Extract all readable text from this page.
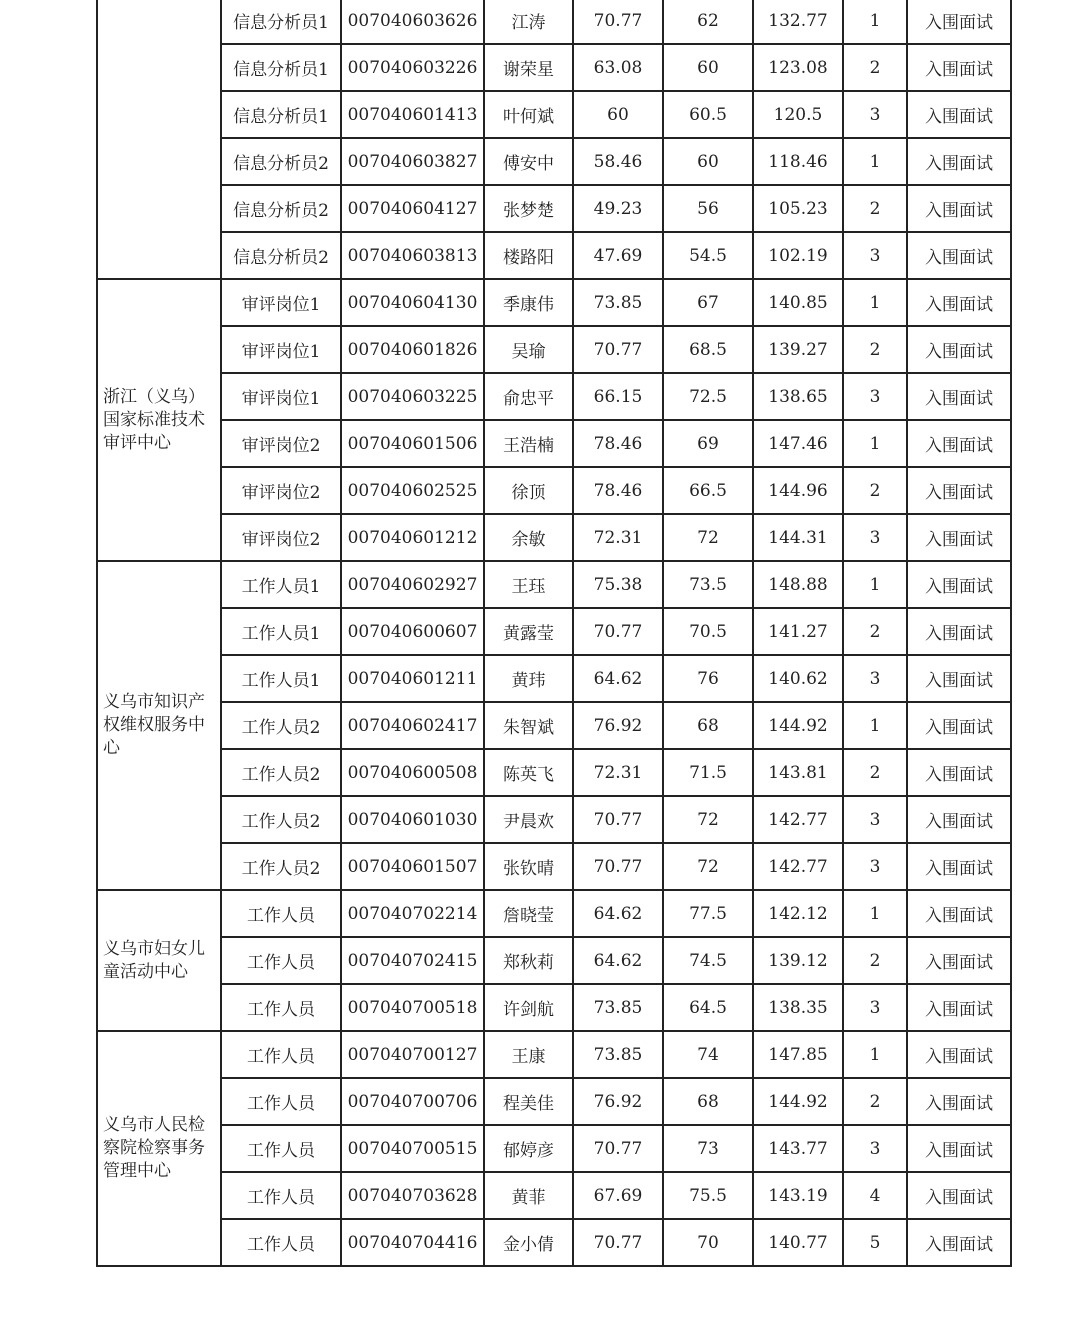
	信息分析员1	007040603626	江涛	70.77	62	132.77	1	入围面试
	信息分析员1	007040603226	谢荣星	63.08	60	123.08	2	入围面试
	信息分析员1	007040601413	叶何斌	60	60.5	120.5	3	入围面试
	信息分析员2	007040603827	傅安中	58.46	60	118.46	1	入围面试
	信息分析员2	007040604127	张梦楚	49.23	56	105.23	2	入围面试
	信息分析员2	007040603813	楼路阳	47.69	54.5	102.19	3	入围面试
浙江（义乌）国家标准技术审评中心	审评岗位1	007040604130	季康伟	73.85	67	140.85	1	入围面试
	审评岗位1	007040601826	吴瑜	70.77	68.5	139.27	2	入围面试
	审评岗位1	007040603225	俞忠平	66.15	72.5	138.65	3	入围面试
	审评岗位2	007040601506	王浩楠	78.46	69	147.46	1	入围面试
	审评岗位2	007040602525	徐顶	78.46	66.5	144.96	2	入围面试
	审评岗位2	007040601212	余敏	72.31	72	144.31	3	入围面试
义乌市知识产权维权服务中心	工作人员1	007040602927	王珏	75.38	73.5	148.88	1	入围面试
	工作人员1	007040600607	黄露莹	70.77	70.5	141.27	2	入围面试
	工作人员1	007040601211	黄玮	64.62	76	140.62	3	入围面试
	工作人员2	007040602417	朱智斌	76.92	68	144.92	1	入围面试
	工作人员2	007040600508	陈英飞	72.31	71.5	143.81	2	入围面试
	工作人员2	007040601030	尹晨欢	70.77	72	142.77	3	入围面试
	工作人员2	007040601507	张钦晴	70.77	72	142.77	3	入围面试
义乌市妇女儿童活动中心	工作人员	007040702214	詹晓莹	64.62	77.5	142.12	1	入围面试
	工作人员	007040702415	郑秋莉	64.62	74.5	139.12	2	入围面试
	工作人员	007040700518	许剑航	73.85	64.5	138.35	3	入围面试
义乌市人民检察院检察事务管理中心	工作人员	007040700127	王康	73.85	74	147.85	1	入围面试
	工作人员	007040700706	程美佳	76.92	68	144.92	2	入围面试
	工作人员	007040700515	郁婷彦	70.77	73	143.77	3	入围面试
	工作人员	007040703628	黄菲	67.69	75.5	143.19	4	入围面试
	工作人员	007040704416	金小倩	70.77	70	140.77	5	入围面试
